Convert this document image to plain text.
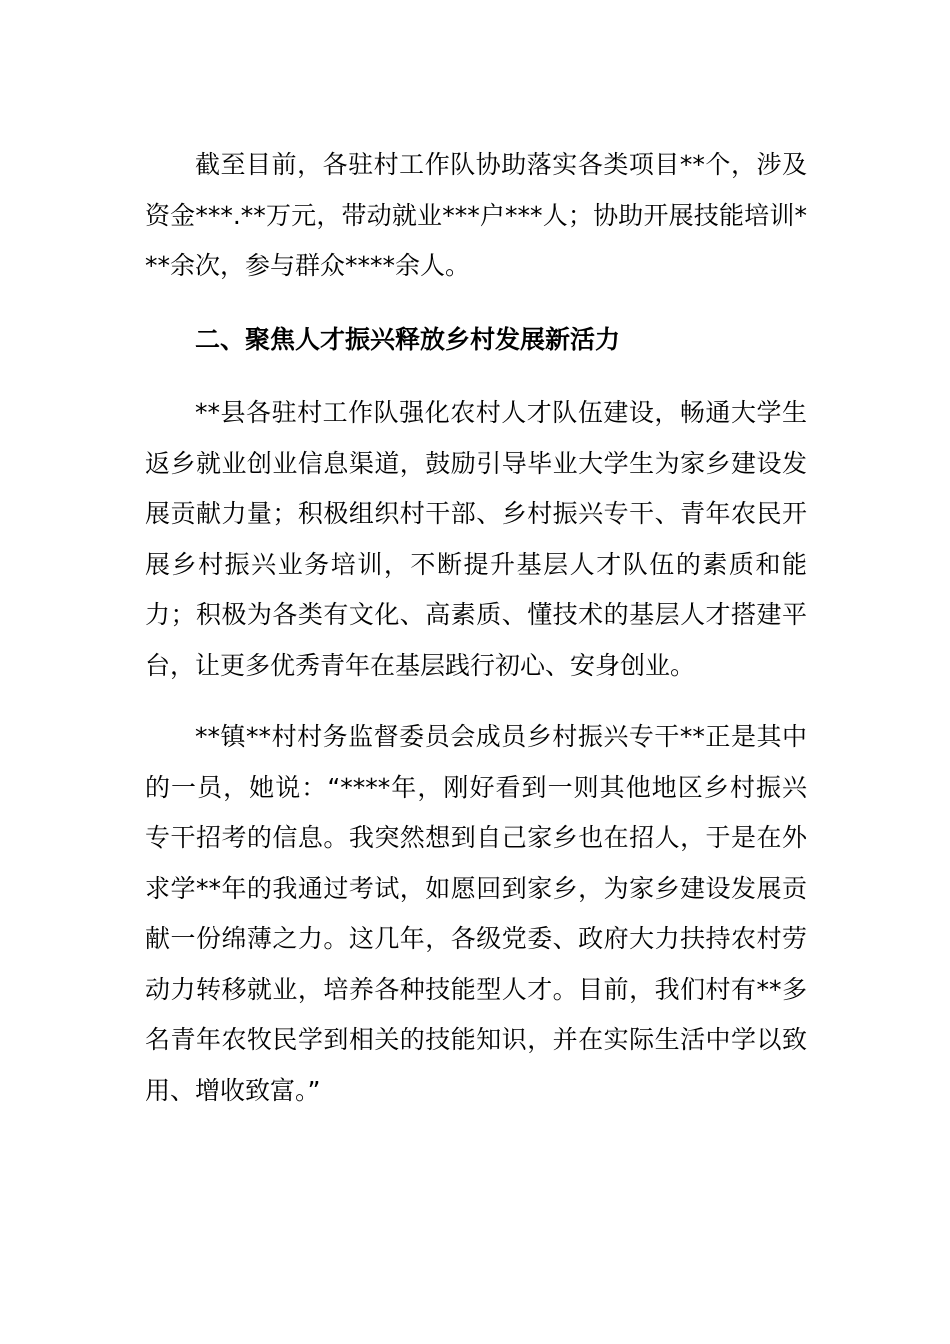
截至目前，各驻村工作队协助落实各类项目**个，涉及资金***.**万元，带动就业***户***人；协助开展技能培训***余次，参与群众****余人。

二、聚焦人才振兴释放乡村发展新活力

**县各驻村工作队强化农村人才队伍建设，畅通大学生返乡就业创业信息渠道，鼓励引导毕业大学生为家乡建设发展贡献力量；积极组织村干部、乡村振兴专干、青年农民开展乡村振兴业务培训，不断提升基层人才队伍的素质和能力；积极为各类有文化、高素质、懂技术的基层人才搭建平台，让更多优秀青年在基层践行初心、安身创业。

**镇**村村务监督委员会成员乡村振兴专干**正是其中的一员，她说：“****年，刚好看到一则其他地区乡村振兴专干招考的信息。我突然想到自己家乡也在招人，于是在外求学**年的我通过考试，如愿回到家乡，为家乡建设发展贡献一份绵薄之力。这几年，各级党委、政府大力扶持农村劳动力转移就业，培养各种技能型人才。目前，我们村有**多名青年农牧民学到相关的技能知识，并在实际生活中学以致用、增收致富。”
